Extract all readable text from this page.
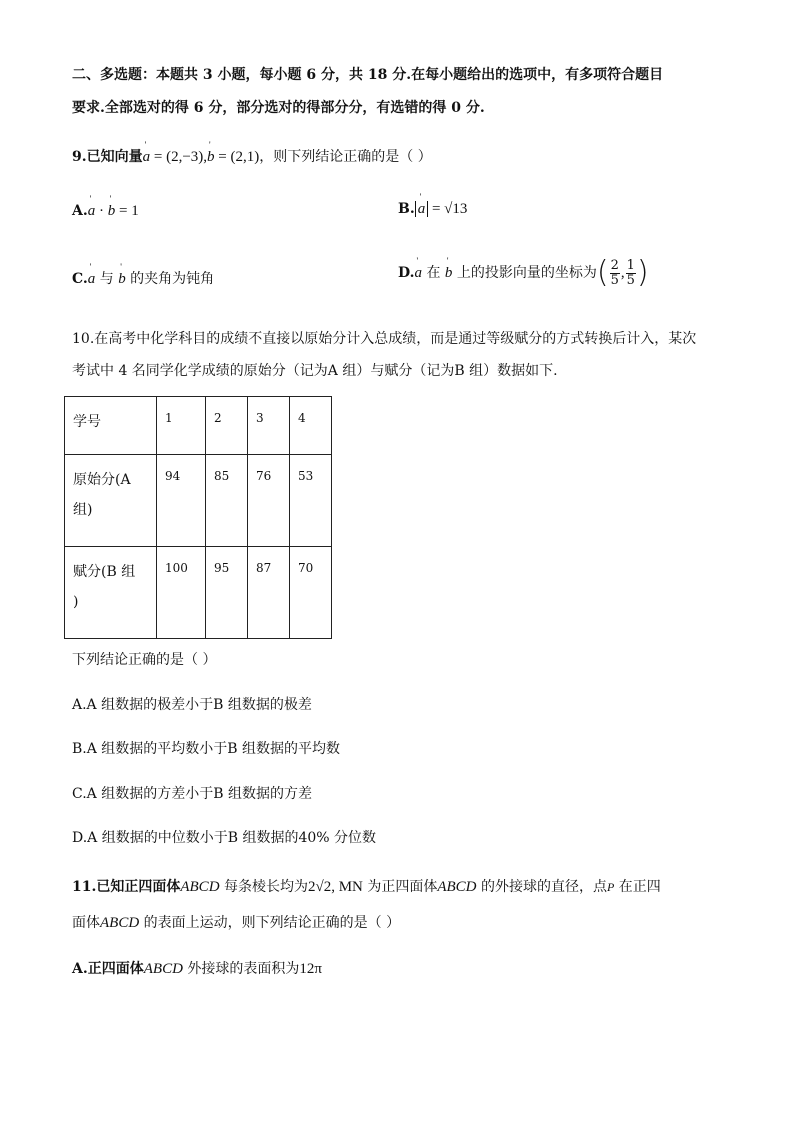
二、多选题：本题共 3 小题，每小题 6 分，共 18 分.在每小题给出的选项中，有多项符合题目
要求.全部选对的得 6 分，部分选对的得部分分，有选错的得 0 分.
9.已知向量' a = (2,−3),' b = (2,1)，则下列结论正确的是（ ）
A.' a · ' b = 1	B. ' a = √13
C.' a 与 ' b 的夹角为钝角	D.' a 在 ' b 上的投影向量的坐标为( $\frac{2}{5}$ , $\frac{1}{5}$ )
10.在高考中化学科目的成绩不直接以原始分计入总成绩，而是通过等级赋分的方式转换后计入，某次
考试中 4 名同学化学成绩的原始分（记为A 组）与赋分（记为B 组）数据如下.
学号	1	2	3	4
原始分(A
组)	94	85	76	53
赋分(B 组
)	100	95	87	70
下列结论正确的是（ ）
A.A 组数据的极差小于B 组数据的极差
B.A 组数据的平均数小于B 组数据的平均数
C.A 组数据的方差小于B 组数据的方差
D.A 组数据的中位数小于B 组数据的40% 分位数
11.已知正四面体ABCD 每条棱长均为2√2, MN 为正四面体ABCD 的外接球的直径，点P 在正四
面体ABCD 的表面上运动，则下列结论正确的是（ ）
A.正四面体ABCD 外接球的表面积为12π
